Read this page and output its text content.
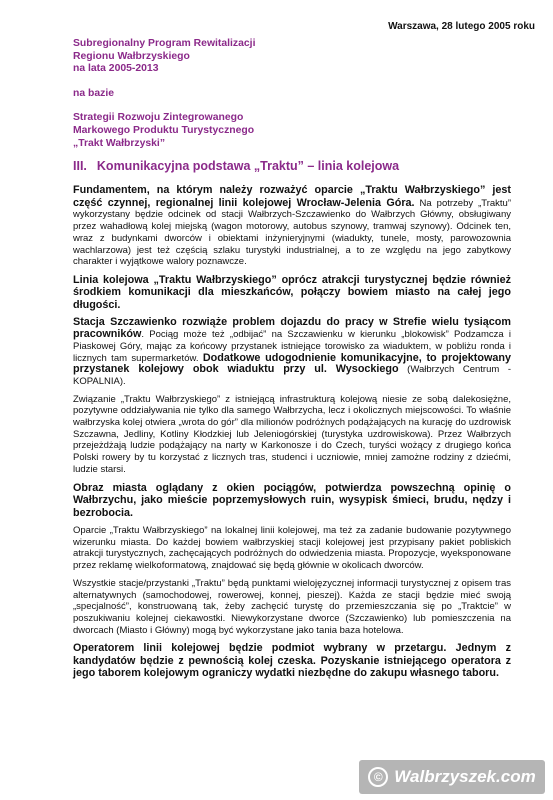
Warszawa, 28 lutego 2005 roku
Subregionalny Program Rewitalizacji
Regionu Wałbrzyskiego
na lata 2005-2013
na bazie
Strategii Rozwoju Zintegrowanego
Markowego Produktu Turystycznego
„Trakt Wałbrzyski”
III. Komunikacyjna podstawa „Traktu” – linia kolejowa

Fundamentem, na którym należy rozważyć oparcie „Traktu Wałbrzyskiego” jest część czynnej, regionalnej linii kolejowej Wrocław-Jelenia Góra. Na potrzeby „Traktu” wykorzystany będzie odcinek od stacji Wałbrzych-Szczawienko do Wałbrzych Główny, obsługiwany przez wahadłową kolej miejską (wagon motorowy, autobus szynowy, tramwaj szynowy). Odcinek ten, wraz z budynkami dworców i obiektami inżynieryjnymi (wiadukty, tunele, mosty, parowozownia wachlarzowa) jest też częścią szlaku turystyki industrialnej, a to ze względu na jego zabytkowy charakter i wyjątkowe walory poznawcze.

Linia kolejowa „Traktu Wałbrzyskiego” oprócz atrakcji turystycznej będzie również środkiem komunikacji dla mieszkańców, połączy bowiem miasto na całej jego długości.

Stacja Szczawienko rozwiąże problem dojazdu do pracy w Strefie wielu tysiącom pracowników. Pociąg może też „odbijać” na Szczawienku w kierunku „blokowisk” Podzamcza i Piaskowej Góry, mając za końcowy przystanek istniejące torowisko za wiaduktem, w pobliżu ronda i licznych tam supermarketów. Dodatkowe udogodnienie komunikacyjne, to projektowany przystanek kolejowy obok wiaduktu przy ul. Wysockiego (Wałbrzych Centrum - KOPALNIA).

Związanie „Traktu Wałbrzyskiego” z istniejącą infrastrukturą kolejową niesie ze sobą dalekosiężne, pozytywne oddziaływania nie tylko dla samego Wałbrzycha, lecz i okolicznych miejscowości. To właśnie wałbrzyska kolej otwiera „wrota do gór” dla milionów podróżnych podążających na kurację do uzdrowisk Szczawna, Jedliny, Kotliny Kłodzkiej lub Jeleniogórskiej (turystyka uzdrowiskowa). Przez Wałbrzych przejeżdżają ludzie podążający na narty w Karkonosze i do Czech, turyści wożący z drugiego końca Polski rowery by tu korzystać z licznych tras, studenci i uczniowie, mniej zamożne rodziny z dziećmi, ludzie starsi.

Obraz miasta oglądany z okien pociągów, potwierdza powszechną opinię o Wałbrzychu, jako mieście poprzemysłowych ruin, wysypisk śmieci, brudu, nędzy i bezrobocia.

Oparcie „Traktu Wałbrzyskiego” na lokalnej linii kolejowej, ma też za zadanie budowanie pozytywnego wizerunku miasta. Do każdej bowiem wałbrzyskiej stacji kolejowej jest przypisany pakiet pobliskich atrakcji turystycznych, zachęcających podróżnych do odwiedzenia miasta. Propozycje, wyeksponowane przez reklamę wielkoformatową, znajdować się będą głównie w okolicach dworców.

Wszystkie stacje/przystanki „Traktu” będą punktami wielojęzycznej informacji turystycznej z opisem tras alternatywnych (samochodowej, rowerowej, konnej, pieszej). Każda ze stacji będzie mieć swoją „specjalność”, konstruowaną tak, żeby zachęcić turystę do przemieszczania się po „Traktcie” w poszukiwaniu kolejnej ciekawostki. Niewykorzystane dworce (Szczawienko) lub pomieszczenia na dworcach (Miasto i Główny) mogą być wykorzystane jako tania baza hotelowa.

Operatorem linii kolejowej będzie podmiot wybrany w przetargu. Jednym z kandydatów będzie z pewnością kolej czeska. Pozyskanie istniejącego operatora z jego taborem kolejowym ograniczy wydatki niezbędne do zakupu własnego taboru.

© Walbrzyszek.com
